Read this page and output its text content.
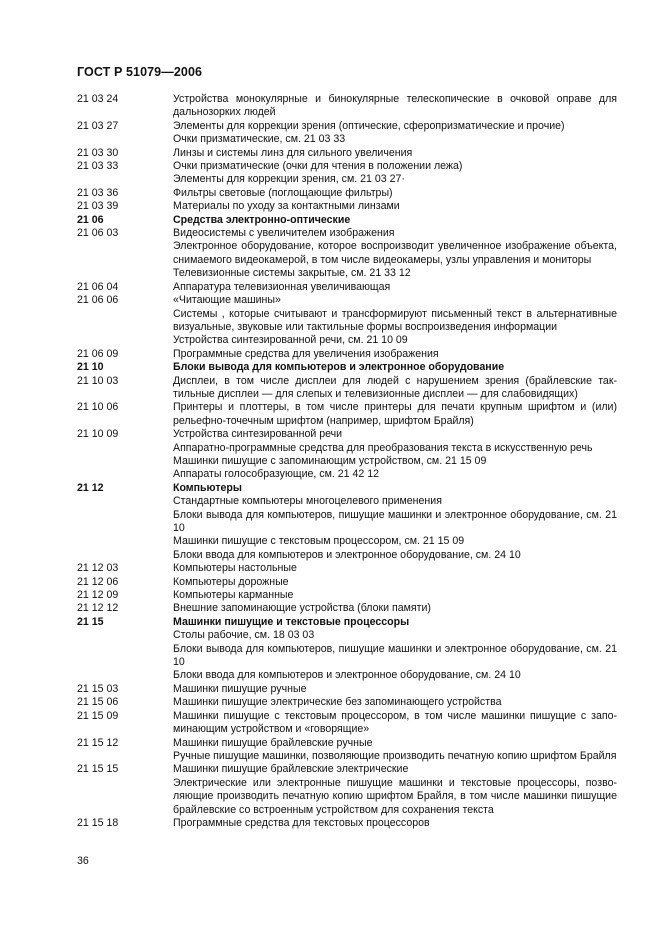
ГОСТ Р 51079—2006
21 03 24	Устройства монокулярные и бинокулярные телескопические в очковой оправе для дальнозорких людей

21 03 27	Элементы для коррекции зрения (оптические, сферопризматические и прочие)

Очки призматические, см. 21 03 33

21 03 30	Линзы и системы линз для сильного увеличения

21 03 33	Очки призматические (очки для чтения в положении лежа)

Элементы для коррекции зрения, см. 21 03 27·

21 03 36	Фильтры световые (поглощающие фильтры)

21 03 39	Материалы по уходу за контактными линзами

21 06	Средства электронно-оптические

21 06 03	Видеосистемы с увеличителем изображения

Электронное оборудование, которое воспроизводит увеличенное изображение объекта, снимаемого видеокамерой, в том числе видеокамеры, узлы управления и мониторы

Телевизионные системы закрытые, см. 21 33 12

21 06 04	Аппаратура телевизионная увеличивающая

21 06 06	«Читающие машины»

Системы , которые считывают и трансформируют письменный текст в альтернативные визуальные, звуковые или тактильные формы воспроизведения информации

Устройства синтезированной речи, см. 21 10 09

21 06 09	Программные средства для увеличения изображения

21 10	Блоки вывода для компьютеров и электронное оборудование

21 10 03	Дисплеи, в том числе дисплеи для людей с нарушением зрения (брайлевские тактильные дисплеи — для слепых и телевизионные дисплеи — для слабовидящих)

21 10 06	Принтеры и плоттеры, в том числе принтеры для печати крупным шрифтом и (или) рельефно-точечным шрифтом (например, шрифтом Брайля)

21 10 09	Устройства синтезированной речи

Аппаратно-программные средства для преобразования текста в искусственную речь

Машинки пишущие с запоминающим устройством, см. 21 15 09

Аппараты голособразующие, см. 21 42 12

21 12	Компьютеры

Стандартные компьютеры многоцелевого применения

Блоки вывода для компьютеров, пишущие машинки и электронное оборудование, см. 21 10

Машинки пишущие с текстовым процессором, см. 21 15 09

Блоки ввода для компьютеров и электронное оборудование, см. 24 10

21 12 03	Компьютеры настольные

21 12 06	Компьютеры дорожные

21 12 09	Компьютеры карманные

21 12 12	Внешние запоминающие устройства (блоки памяти)

21 15	Машинки пишущие и текстовые процессоры

Столы рабочие, см. 18 03 03

Блоки вывода для компьютеров, пишущие машинки и электронное оборудование, см. 21 10

Блоки ввода для компьютеров и электронное оборудование, см. 24 10

21 15 03	Машинки пишущие ручные

21 15 06	Машинки пишущие электрические без запоминающего устройства

21 15 09	Машинки пишущие с текстовым процессором, в том числе машинки пишущие с запоминающим устройством и «говорящие»

21 15 12	Машинки пишущие брайлевские ручные

Ручные пишущие машинки, позволяющие производить печатную копию шрифтом Брайля

21 15 15	Машинки пишущие брайлевские электрические

Электрические или электронные пишущие машинки и текстовые процессоры, позволяющие производить печатную копию шрифтом Брайля, в том числе машинки пишущие брайлевские со встроенным устройством для сохранения текста

21 15 18	Программные средства для текстовых процессоров

36
